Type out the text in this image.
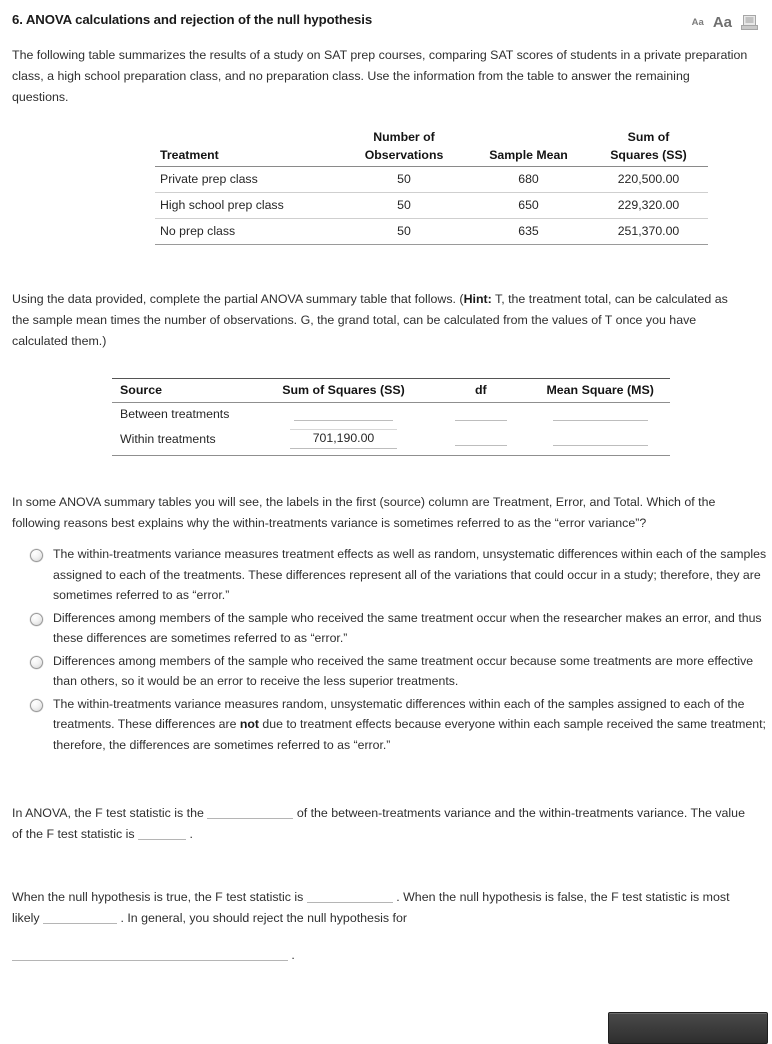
6. ANOVA calculations and rejection of the null hypothesis	Aa Aa
The following table summarizes the results of a study on SAT prep courses, comparing SAT scores of students in a private preparation class, a high school preparation class, and no preparation class. Use the information from the table to answer the remaining questions.
	Number of		Sum of
Treatment	Observations	Sample Mean	Squares (SS)
Private prep class	50	680	220,500.00
High school prep class	50	650	229,320.00
No prep class	50	635	251,370.00
Using the data provided, complete the partial ANOVA summary table that follows. (Hint: T, the treatment total, can be calculated as the sample mean times the number of observations. G, the grand total, can be calculated from the values of T once you have calculated them.)
Source	Sum of Squares (SS)	df	Mean Square (MS)
Between treatments			
Within treatments	701,190.00		
In some ANOVA summary tables you will see, the labels in the first (source) column are Treatment, Error, and Total. Which of the following reasons best explains why the within-treatments variance is sometimes referred to as the “error variance”?
The within-treatments variance measures treatment effects as well as random, unsystematic differences within each of the samples assigned to each of the treatments. These differences represent all of the variations that could occur in a study; therefore, they are sometimes referred to as “error.”
Differences among members of the sample who received the same treatment occur when the researcher makes an error, and thus these differences are sometimes referred to as “error.”
Differences among members of the sample who received the same treatment occur because some treatments are more effective than others, so it would be an error to receive the less superior treatments.
The within-treatments variance measures random, unsystematic differences within each of the samples assigned to each of the treatments. These differences are not due to treatment effects because everyone within each sample received the same treatment; therefore, the differences are sometimes referred to as “error.”
In ANOVA, the F test statistic is the	of the between-treatments variance and the within-treatments variance. The value of the F test statistic is	.
When the null hypothesis is true, the F test statistic is	. When the null hypothesis is false, the F test statistic is most likely	. In general, you should reject the null hypothesis for
.
